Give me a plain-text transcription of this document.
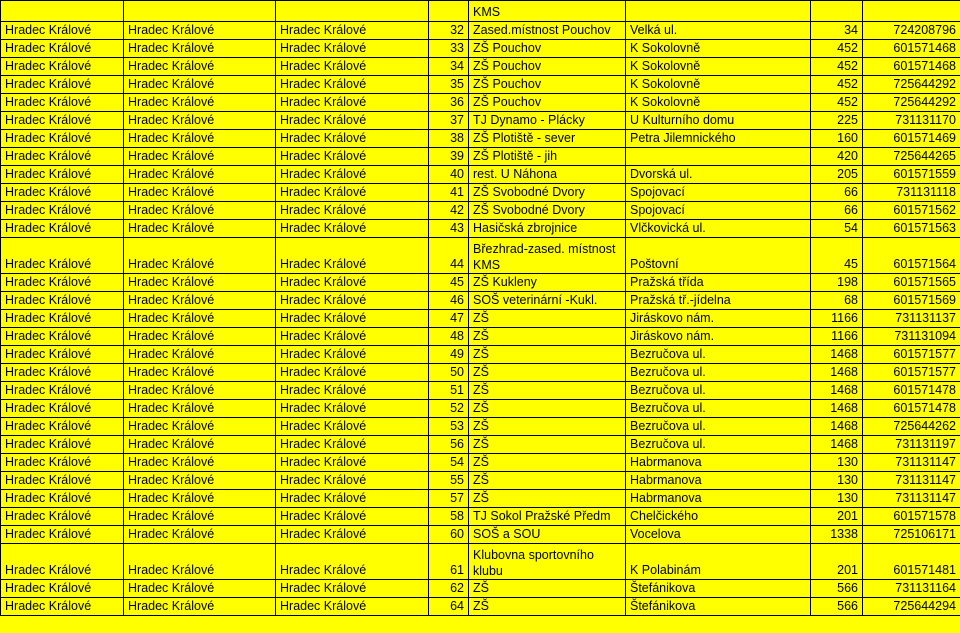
				KMS			
Hradec Králové	Hradec Králové	Hradec Králové	32	Zased.místnost Pouchov	Velká ul.	34	724208796
Hradec Králové	Hradec Králové	Hradec Králové	33	ZŠ Pouchov	K Sokolovně	452	601571468
Hradec Králové	Hradec Králové	Hradec Králové	34	ZŠ Pouchov	K Sokolovně	452	601571468
Hradec Králové	Hradec Králové	Hradec Králové	35	ZŠ Pouchov	K Sokolovně	452	725644292
Hradec Králové	Hradec Králové	Hradec Králové	36	ZŠ Pouchov	K Sokolovně	452	725644292
Hradec Králové	Hradec Králové	Hradec Králové	37	TJ Dynamo - Plácky	U Kulturního domu	225	731131170
Hradec Králové	Hradec Králové	Hradec Králové	38	ZŠ Plotiště - sever	Petra Jilemnického	160	601571469
Hradec Králové	Hradec Králové	Hradec Králové	39	ZŠ Plotiště - jih		420	725644265
Hradec Králové	Hradec Králové	Hradec Králové	40	rest. U Náhona	Dvorská ul.	205	601571559
Hradec Králové	Hradec Králové	Hradec Králové	41	ZŠ Svobodné Dvory	Spojovací	66	731131118
Hradec Králové	Hradec Králové	Hradec Králové	42	ZŠ Svobodné Dvory	Spojovací	66	601571562
Hradec Králové	Hradec Králové	Hradec Králové	43	Hasičská zbrojnice	Vlčkovická ul.	54	601571563
Hradec Králové	Hradec Králové	Hradec Králové	44	Březhrad-zased. místnost KMS	Poštovní	45	601571564
Hradec Králové	Hradec Králové	Hradec Králové	45	ZŠ Kukleny	Pražská třída	198	601571565
Hradec Králové	Hradec Králové	Hradec Králové	46	SOŠ veterinární -Kukl.	Pražská tř.-jídelna	68	601571569
Hradec Králové	Hradec Králové	Hradec Králové	47	ZŠ	Jiráskovo nám.	1166	731131137
Hradec Králové	Hradec Králové	Hradec Králové	48	ZŠ	Jiráskovo nám.	1166	731131094
Hradec Králové	Hradec Králové	Hradec Králové	49	ZŠ	Bezručova ul.	1468	601571577
Hradec Králové	Hradec Králové	Hradec Králové	50	ZŠ	Bezručova ul.	1468	601571577
Hradec Králové	Hradec Králové	Hradec Králové	51	ZŠ	Bezručova ul.	1468	601571478
Hradec Králové	Hradec Králové	Hradec Králové	52	ZŠ	Bezručova ul.	1468	601571478
Hradec Králové	Hradec Králové	Hradec Králové	53	ZŠ	Bezručova ul.	1468	725644262
Hradec Králové	Hradec Králové	Hradec Králové	56	ZŠ	Bezručova ul.	1468	731131197
Hradec Králové	Hradec Králové	Hradec Králové	54	ZŠ	Habrmanova	130	731131147
Hradec Králové	Hradec Králové	Hradec Králové	55	ZŠ	Habrmanova	130	731131147
Hradec Králové	Hradec Králové	Hradec Králové	57	ZŠ	Habrmanova	130	731131147
Hradec Králové	Hradec Králové	Hradec Králové	58	TJ Sokol Pražské Předm	Chelčického	201	601571578
Hradec Králové	Hradec Králové	Hradec Králové	60	SOŠ a SOU	Vocelova	1338	725106171
Hradec Králové	Hradec Králové	Hradec Králové	61	Klubovna sportovního klubu	K Polabinám	201	601571481
Hradec Králové	Hradec Králové	Hradec Králové	62	ZŠ	Štefánikova	566	731131164
Hradec Králové	Hradec Králové	Hradec Králové	64	ZŠ	Štefánikova	566	725644294
